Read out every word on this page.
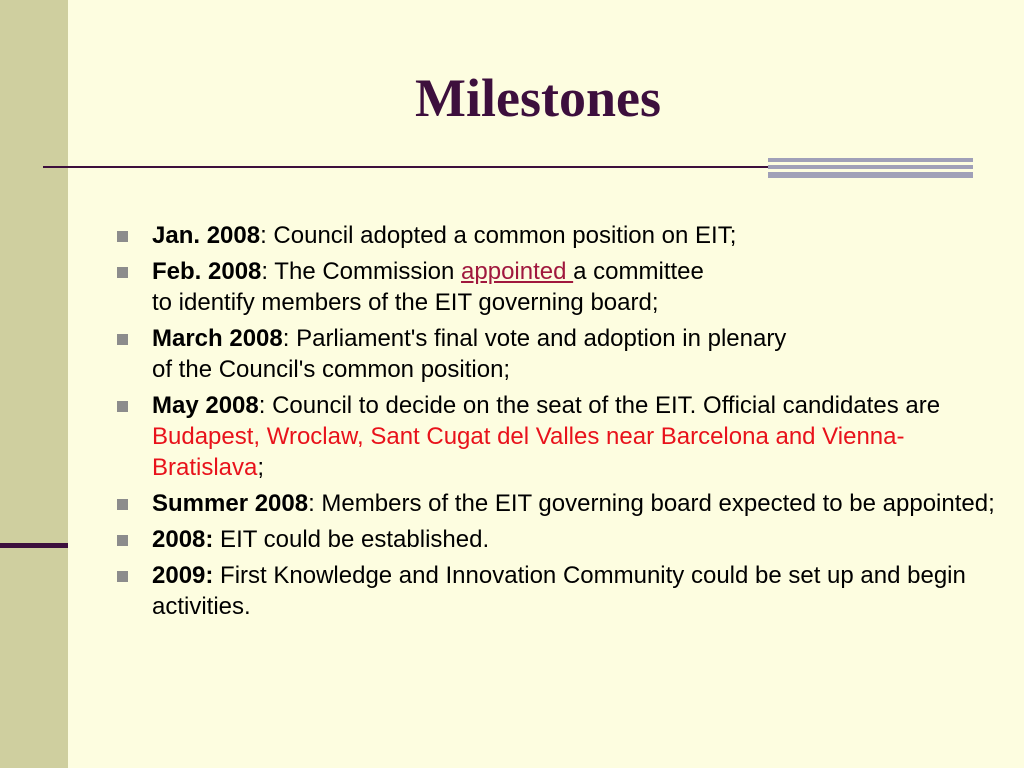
Milestones
Jan. 2008: Council adopted a common position on EIT;
Feb. 2008: The Commission appointed a committee
to identify members of the EIT governing board;
March 2008: Parliament's final vote and adoption in plenary
of the Council's common position;
May 2008: Council to decide on the seat of the EIT. Official candidates are Budapest, Wroclaw, Sant Cugat del Valles near Barcelona and Vienna-Bratislava;
Summer 2008: Members of the EIT governing board expected to be appointed;
2008: EIT could be established.
2009: First Knowledge and Innovation Community could be set up and begin activities.
